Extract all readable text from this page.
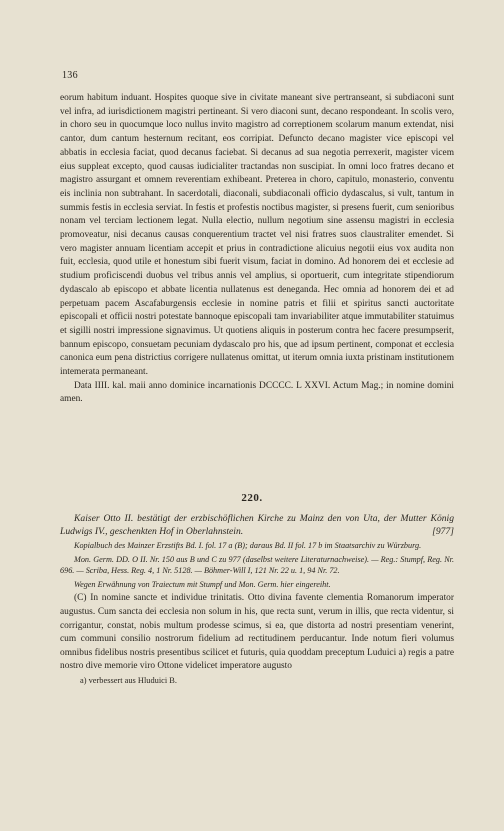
136

eorum habitum induant. Hospites quoque sive in civitate maneant sive pertranseant, si subdiaconi sunt vel infra, ad iurisdictionem magistri pertineant. Si vero diaconi sunt, decano respondeant. In scolis vero, in choro seu in quocumque loco nullus invito magistro ad correptionem scolarum manum extendat, nisi cantor, dum cantum hesternum recitant, eos corripiat. Defuncto decano magister vice episcopi vel abbatis in ecclesia faciat, quod decanus faciebat. Si decanus ad sua negotia perrexerit, magister vicem eius suppleat excepto, quod causas iudicialiter tractandas non suscipiat. In omni loco fratres decano et magistro assurgant et omnem reverentiam exhibeant. Preterea in choro, capitulo, monasterio, conventu eis inclinia non subtrahant. In sacerdotali, diaconali, subdiaconali officio dydascalus, si vult, tantum in summis festis in ecclesia serviat. In festis et profestis noctibus magister, si presens fuerit, cum senioribus nonam vel terciam lectionem legat. Nulla electio, nullum negotium sine assensu magistri in ecclesia promoveatur, nisi decanus causas conquerentium tractet vel nisi fratres suos claustraliter emendet. Si vero magister annuam licentiam accepit et prius in contradictione alicuius negotii eius vox audita non fuit, ecclesia, quod utile et honestum sibi fuerit visum, faciat in domino. Ad honorem dei et ecclesie ad studium proficiscendi duobus vel tribus annis vel amplius, si oportuerit, cum integritate stipendiorum dydascalo ab episcopo et abbate licentia nullatenus est deneganda. Hec omnia ad honorem dei et ad perpetuam pacem Ascafaburgensis ecclesie in nomine patris et filii et spiritus sancti auctoritate episcopali et officii nostri potestate bannoque episcopali tam invariabiliter atque immutabiliter statuimus et sigilli nostri impressione signavimus. Ut quotiens aliquis in posterum contra hec facere presumpserit, bannum episcopo, consuetam pecuniam dydascalo pro his, que ad ipsum pertinent, componat et ecclesia canonica eum pena districtius corrigere nullatenus omittat, ut iterum omnia iuxta pristinam institutionem intemerata permaneant.

Data IIII. kal. maii anno dominice incarnationis DCCCC. L XXVI. Actum Mag.; in nomine domini amen.

220.

Kaiser Otto II. bestätigt der erzbischöflichen Kirche zu Mainz den von Uta, der Mutter König Ludwigs IV., geschenkten Hof in Oberlahnstein.	[977]

Kopialbuch des Mainzer Erzstifts Bd. I. fol. 17 a (B); daraus Bd. II fol. 17 b im Staatsarchiv zu Würzburg.

Mon. Germ. DD. O II. Nr. 150 aus B und C zu 977 (daselbst weitere Literaturnachweise). — Reg.: Stumpf, Reg. Nr. 696. — Scriba, Hess. Reg. 4, 1 Nr. 5128. — Böhmer-Will I, 121 Nr. 22 u. 1, 94 Nr. 72.

Wegen Erwähnung von Traiectum mit Stumpf und Mon. Germ. hier eingereiht.

(C) In nomine sancte et individue trinitatis. Otto divina favente clementia Romanorum imperator augustus. Cum sancta dei ecclesia non solum in his, que recta sunt, verum in illis, que recta videntur, si corrigantur, constat, nobis multum prodesse scimus, si ea, que distorta ad nostri presentiam venerint, cum communi consilio nostrorum fidelium ad rectitudinem perducantur. Inde notum fieri volumus omnibus fidelibus nostris presentibus scilicet et futuris, quia quoddam preceptum Luduici a) regis a patre nostro dive memorie viro Ottone videlicet imperatore augusto

a) verbessert aus Hluduici B.
